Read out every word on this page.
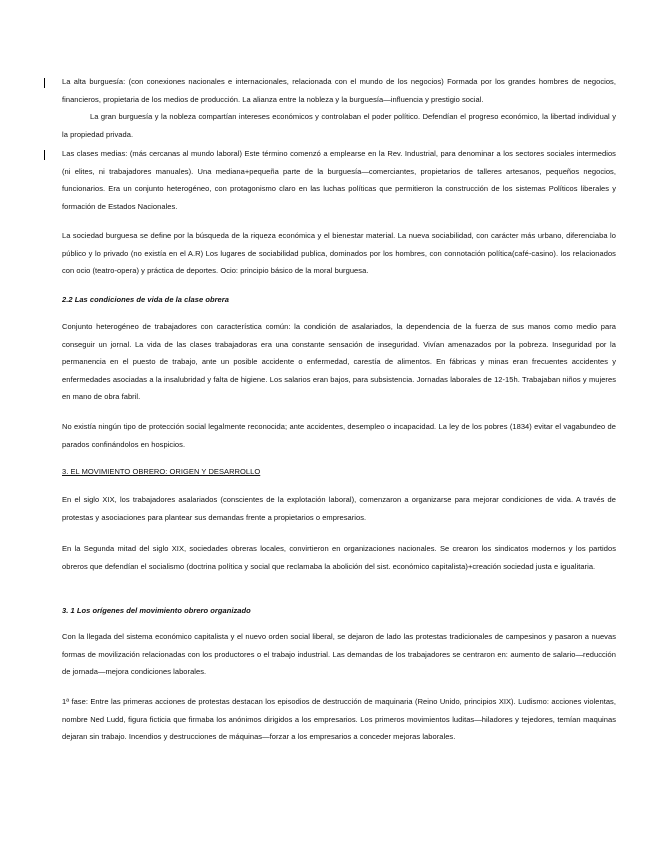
La alta burguesía: (con conexiones nacionales e internacionales, relacionada con el mundo de los negocios) Formada por los grandes hombres de negocios, financieros, propietaria de los medios de producción. La alianza entre la nobleza y la burguesía—influencia y prestigio social.

La gran burguesía y la nobleza compartían intereses económicos y controlaban el poder político. Defendían el progreso económico, la libertad individual y la propiedad privada.

Las clases medias: (más cercanas al mundo laboral) Este término comenzó a emplearse en la Rev. Industrial, para denominar a los sectores sociales intermedios (ni elites, ni trabajadores manuales). Una mediana+pequeña parte de la burguesía—comerciantes, propietarios de talleres artesanos, pequeños negocios, funcionarios. Era un conjunto heterogéneo, con protagonismo claro en las luchas políticas que permitieron la construcción de los sistemas Políticos liberales y formación de Estados Nacionales.

La sociedad burguesa se define por la búsqueda de la riqueza económica y el bienestar material. La nueva sociabilidad, con carácter más urbano, diferenciaba lo público y lo privado (no existía en el A.R) Los lugares de sociabilidad publica, dominados por los hombres, con connotación política(café-casino). los relacionados con ocio (teatro-opera) y práctica de deportes. Ocio: principio básico de la moral burguesa.

2.2 Las condiciones de vida de la clase obrera

Conjunto heterogéneo de trabajadores con característica común: la condición de asalariados, la dependencia de la fuerza de sus manos como medio para conseguir un jornal. La vida de las clases trabajadoras era una constante sensación de inseguridad. Vivían amenazados por la pobreza. Inseguridad por la permanencia en el puesto de trabajo, ante un posible accidente o enfermedad, carestía de alimentos. En fábricas y minas eran frecuentes accidentes y enfermedades asociadas a la insalubridad y falta de higiene. Los salarios eran bajos, para subsistencia. Jornadas laborales de 12-15h. Trabajaban niños y mujeres en mano de obra fabril.

No existía ningún tipo de protección social legalmente reconocida; ante accidentes, desempleo o incapacidad. La ley de los pobres (1834) evitar el vagabundeo de parados confinándolos en hospicios.

3. EL MOVIMIENTO OBRERO: ORIGEN Y DESARROLLO

En el siglo XIX, los trabajadores asalariados (conscientes de la explotación laboral), comenzaron a organizarse para mejorar condiciones de vida. A través de protestas y asociaciones para plantear sus demandas frente a propietarios o empresarios.

En la Segunda mitad del siglo XIX, sociedades obreras locales, convirtieron en organizaciones nacionales. Se crearon los sindicatos modernos y los partidos obreros que defendían el socialismo (doctrina política y social que reclamaba la abolición del sist. económico capitalista)+creación sociedad justa e igualitaria.

3. 1 Los orígenes del movimiento obrero organizado

Con la llegada del sistema económico capitalista y el nuevo orden social liberal, se dejaron de lado las protestas tradicionales de campesinos y pasaron a nuevas formas de movilización relacionadas con los productores o el trabajo industrial. Las demandas de los trabajadores se centraron en: aumento de salario—reducción de jornada—mejora condiciones laborales.

1ª fase: Entre las primeras acciones de protestas destacan los episodios de destrucción de maquinaria (Reino Unido, principios XIX). Ludismo: acciones violentas, nombre Ned Ludd, figura ficticia que firmaba los anónimos dirigidos a los empresarios. Los primeros movimientos luditas—hiladores y tejedores, temían maquinas dejaran sin trabajo. Incendios y destrucciones de máquinas—forzar a los empresarios a conceder mejoras laborales.
